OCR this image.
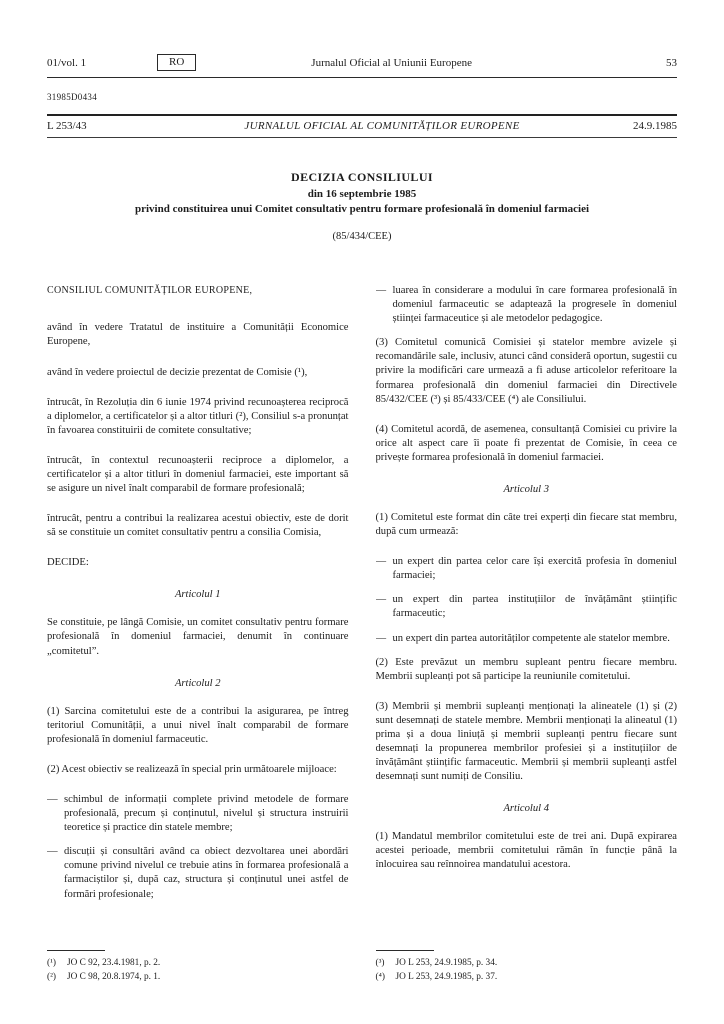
01/vol. 1	RO	Jurnalul Oficial al Uniunii Europene	53
31985D0434
L 253/43	JURNALUL OFICIAL AL COMUNITĂȚILOR EUROPENE	24.9.1985
DECIZIA CONSILIULUI
din 16 septembrie 1985
privind constituirea unui Comitet consultativ pentru formare profesională în domeniul farmaciei
(85/434/CEE)

CONSILIUL COMUNITĂȚILOR EUROPENE,

având în vedere Tratatul de instituire a Comunității Economice Europene,

având în vedere proiectul de decizie prezentat de Comisie (¹),

întrucât, în Rezoluția din 6 iunie 1974 privind recunoașterea reciprocă a diplomelor, a certificatelor și a altor titluri (²), Consiliul s-a pronunțat în favoarea constituirii de comitete consultative;

întrucât, în contextul recunoașterii reciproce a diplomelor, a certificatelor și a altor titluri în domeniul farmaciei, este important să se asigure un nivel înalt comparabil de formare profesională;

întrucât, pentru a contribui la realizarea acestui obiectiv, este de dorit să se constituie un comitet consultativ pentru a consilia Comisia,

DECIDE:

Articolul 1

Se constituie, pe lângă Comisie, un comitet consultativ pentru formare profesională în domeniul farmaciei, denumit în continuare „comitetul”.

Articolul 2

(1) Sarcina comitetului este de a contribui la asigurarea, pe întreg teritoriul Comunității, a unui nivel înalt comparabil de formare profesională în domeniul farmaceutic.

(2) Acest obiectiv se realizează în special prin următoarele mijloace:

— schimbul de informații complete privind metodele de formare profesională, precum și conținutul, nivelul și structura instruirii teoretice și practice din statele membre;

— discuții și consultări având ca obiect dezvoltarea unei abordări comune privind nivelul ce trebuie atins în formarea profesională a farmaciștilor și, după caz, structura și conținutul unei astfel de formări profesionale;

(¹)	JO C 92, 23.4.1981, p. 2.
(²)	JO C 98, 20.8.1974, p. 1.

— luarea în considerare a modului în care formarea profesională în domeniul farmaceutic se adaptează la progresele în domeniul științei farmaceutice și ale metodelor pedagogice.

(3) Comitetul comunică Comisiei și statelor membre avizele și recomandările sale, inclusiv, atunci când consideră oportun, sugestii cu privire la modificări care urmează a fi aduse articolelor referitoare la formarea profesională din domeniul farmaciei din Directivele 85/432/CEE (³) și 85/433/CEE (⁴) ale Consiliului.

(4) Comitetul acordă, de asemenea, consultanță Comisiei cu privire la orice alt aspect care îi poate fi prezentat de Comisie, în ceea ce privește formarea profesională în domeniul farmaciei.

Articolul 3

(1) Comitetul este format din câte trei experți din fiecare stat membru, după cum urmează:

— un expert din partea celor care își exercită profesia în domeniul farmaciei;

— un expert din partea instituțiilor de învățământ științific farmaceutic;

— un expert din partea autorităților competente ale statelor membre.

(2) Este prevăzut un membru supleant pentru fiecare membru. Membrii supleanți pot să participe la reuniunile comitetului.

(3) Membrii și membrii supleanți menționați la alineatele (1) și (2) sunt desemnați de statele membre. Membrii menționați la alineatul (1) prima și a doua liniuță și membrii supleanți pentru fiecare sunt desemnați la propunerea membrilor profesiei și a instituțiilor de învățământ științific farmaceutic. Membrii și membrii supleanți astfel desemnați sunt numiți de Consiliu.

Articolul 4

(1) Mandatul membrilor comitetului este de trei ani. După expirarea acestei perioade, membrii comitetului rămân în funcție până la înlocuirea sau reînnoirea mandatului acestora.

(³)	JO L 253, 24.9.1985, p. 34.
(⁴)	JO L 253, 24.9.1985, p. 37.
